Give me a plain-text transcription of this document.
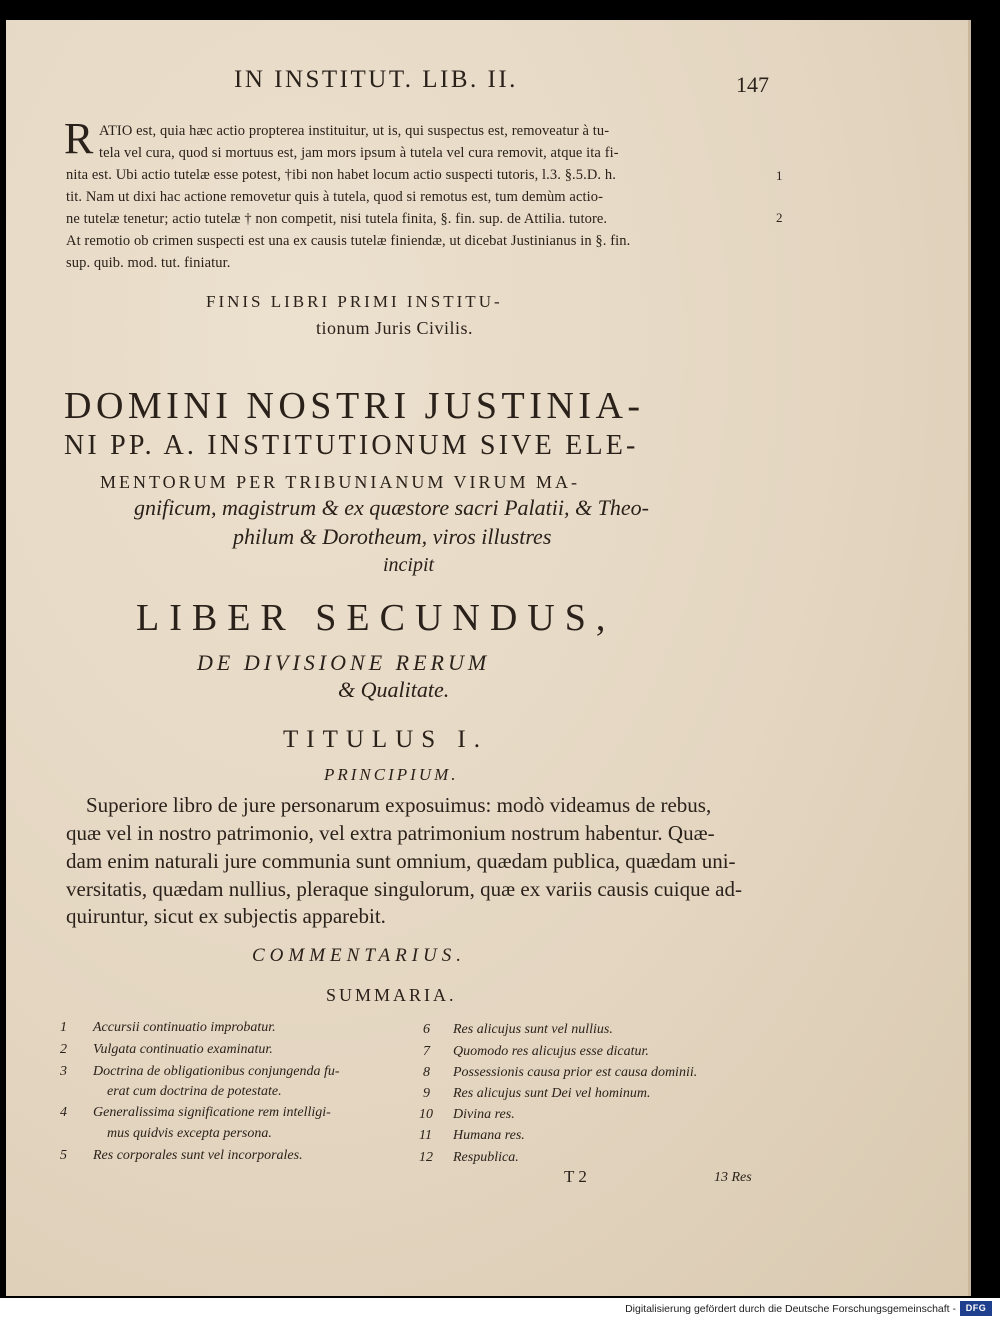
IN INSTITUT. LIB. II.	147
R ATIO est, quia hæc actio propterea instituitur, ut is, qui suspectus est, removeatur à tu-
tela vel cura, quod si mortuus est, jam mors ipsum à tutela vel cura removit, atque ita fi-
nita est. Ubi actio tutelæ esse potest, †ibi non habet locum actio suspecti tutoris, l.3. §.5.D. h.
tit. Nam ut dixi hac actione removetur quis à tutela, quod si remotus est, tum demùm actio-
ne tutelæ tenetur; actio tutelæ † non competit, nisi tutela finita, §. fin. sup. de Attilia. tutore.
At remotio ob crimen suspecti est una ex causis tutelæ finiendæ, ut dicebat Justinianus in §. fin.
sup. quib. mod. tut. finiatur.
1
2
FINIS LIBRI PRIMI INSTITU-
tionum Juris Civilis.
DOMINI NOSTRI JUSTINIA-
NI PP. A. INSTITUTIONUM SIVE ELE-
MENTORUM PER TRIBUNIANUM VIRUM MA-
gnificum, magistrum & ex quæstore sacri Palatii, & Theo-
philum & Dorotheum, viros illustres
incipit
LIBER SECUNDUS,
DE DIVISIONE RERUM
& Qualitate.
TITULUS I.
PRINCIPIUM.
Superiore libro de jure personarum exposuimus: modò videamus de rebus,
quæ vel in nostro patrimonio, vel extra patrimonium nostrum habentur. Quæ-
dam enim naturali jure communia sunt omnium, quædam publica, quædam uni-
versitatis, quædam nullius, pleraque singulorum, quæ ex variis causis cuique ad-
quiruntur, sicut ex subjectis apparebit.
COMMENTARIUS.
SUMMARIA.
1 Accursii continuatio improbatur.
2 Vulgata continuatio examinatur.
3 Doctrina de obligationibus conjungenda fu-
erat cum doctrina de potestate.
4 Generalissima significatione rem intelligi-
mus quidvis excepta persona.
5 Res corporales sunt vel incorporales.
6 Res alicujus sunt vel nullius.
7 Quomodo res alicujus esse dicatur.
8 Possessionis causa prior est causa dominii.
9 Res alicujus sunt Dei vel hominum.
10 Divina res.
11 Humana res.
12 Respublica.
T 2	13 Res
Digitalisierung gefördert durch die Deutsche Forschungsgemeinschaft -	DFG
